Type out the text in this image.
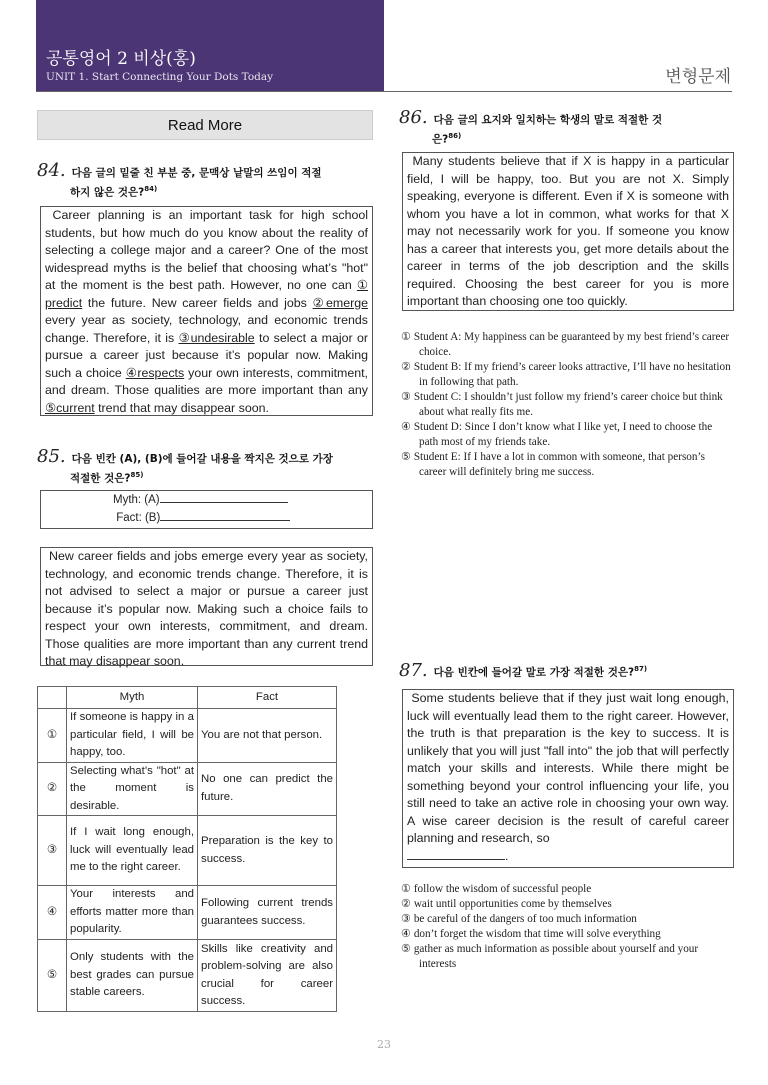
공통영어 2 비상(홍)
UNIT 1. Start Connecting Your Dots Today	변형문제
Read More
84. 다음 글의 밑줄 친 부분 중, 문맥상 낱말의 쓰임이 적절
하지 않은 것은?$^{84)}$
Career planning is an important task for high school students, but how much do you know about the reality of selecting a college major and a career? One of the most widespread myths is the belief that choosing what’s "hot" at the moment is the best path. However, no one can ① predict the future. New career fields and jobs ②emerge every year as society, technology, and economic trends change. Therefore, it is ③undesirable to select a major or pursue a career just because it’s popular now. Making such a choice ④respects your own interests, commitment, and dream. Those qualities are more important than any ⑤current trend that may disappear soon.
85. 다음 빈칸 (A), (B)에 들어갈 내용을 짝지은 것으로 가장
적절한 것은?$^{85)}$
Myth: (A)
Fact: (B)
New career fields and jobs emerge every year as society, technology, and economic trends change. Therefore, it is not advised to select a major or pursue a career just because it’s popular now. Making such a choice fails to respect your own interests, commitment, and dream. Those qualities are more important than any current trend that may disappear soon.
	Myth	Fact
①	If someone is happy in a particular field, I will be happy, too.	You are not that person.
②	Selecting what’s "hot" at the moment is desirable.	No one can predict the future.
③	If I wait long enough, luck will eventually lead me to the right career.	Preparation is the key to success.
④	Your interests and efforts matter more than popularity.	Following current trends guarantees success.
⑤	Only students with the best grades can pursue stable careers.	Skills like creativity and problem-solving are also crucial for career success.
86. 다음 글의 요지와 일치하는 학생의 말로 적절한 것
은?$^{86)}$
Many students believe that if X is happy in a particular field, I will be happy, too. But you are not X. Simply speaking, everyone is different. Even if X is someone with whom you have a lot in common, what works for that X may not necessarily work for you. If someone you know has a career that interests you, get more details about the career in terms of the job description and the skills required. Choosing the best career for you is more important than choosing one too quickly.
① Student A: My happiness can be guaranteed by my best friend’s career choice.
② Student B: If my friend’s career looks attractive, I’ll have no hesitation in following that path.
③ Student C: I shouldn’t just follow my friend’s career choice but think about what really fits me.
④ Student D: Since I don’t know what I like yet, I need to choose the path most of my friends take.
⑤ Student E: If I have a lot in common with someone, that person’s career will definitely bring me success.
87. 다음 빈칸에 들어갈 말로 가장 적절한 것은?$^{87)}$
Some students believe that if they just wait long enough, luck will eventually lead them to the right career. However, the truth is that preparation is the key to success. It is unlikely that you will just "fall into" the job that will perfectly match your skills and interests. While there might be something beyond your control influencing your life, you still need to take an active role in choosing your own way. A wise career decision is the result of careful career planning and research, so
.
① follow the wisdom of successful people
② wait until opportunities come by themselves
③ be careful of the dangers of too much information
④ don’t forget the wisdom that time will solve everything
⑤ gather as much information as possible about yourself and your interests
23
